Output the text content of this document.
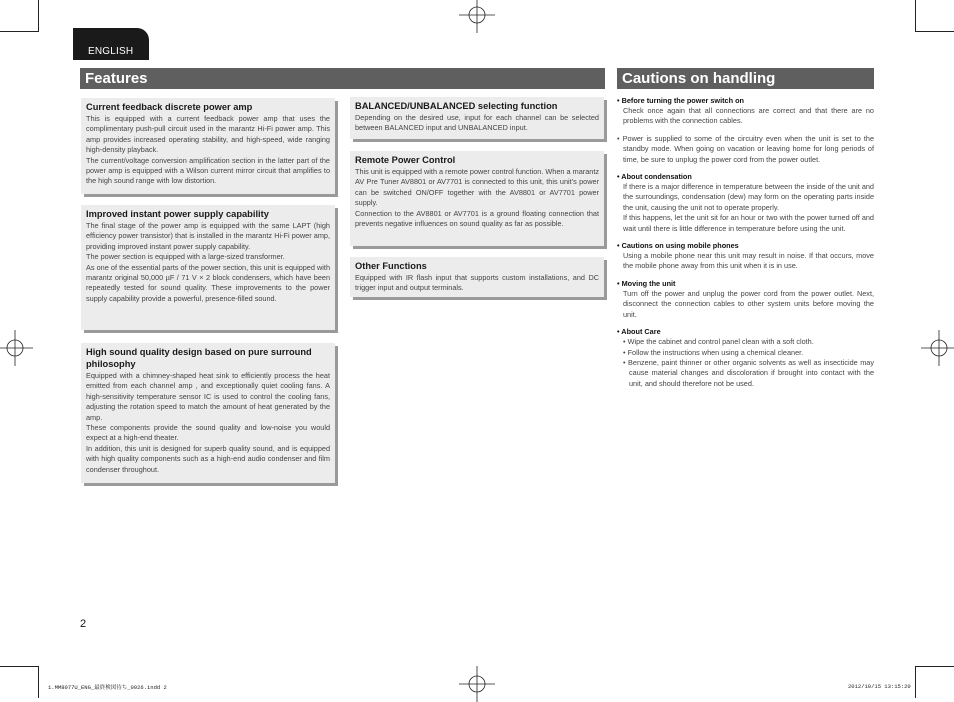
ENGLISH
Features	Cautions on handling
Current feedback discrete power amp

This is equipped with a current feedback power amp that uses the complimentary push-pull circuit used in the marantz Hi-Fi power amp. This amp provides increased operating stability, and high-speed, wide ranging high-density playback.

The current/voltage conversion amplification section in the latter part of the power amp is equipped with a Wilson current mirror circuit that amplifies to the high sound range with low distortion.

Improved instant power supply capability

The final stage of the power amp is equipped with the same LAPT (high efficiency power transistor) that is installed in the marantz Hi-Fi power amp, providing improved instant power supply capability.

The power section is equipped with a large-sized transformer.

As one of the essential parts of the power section, this unit is equipped with marantz original 50,000 µF / 71 V × 2 block condensers, which have been repeatedly tested for sound quality. These improvements to the power supply capability provide a powerful, presence-filled sound.

High sound quality design based on pure surround philosophy

Equipped with a chimney-shaped heat sink to efficiently process the heat emitted from each channel amp , and exceptionally quiet cooling fans. A high-sensitivity temperature sensor IC is used to control the cooling fans, adjusting the rotation speed to match the amount of heat generated by the amp.

These components provide the sound quality and low-noise you would expect at a high-end theater.

In addition, this unit is designed for superb quality sound, and is equipped with high quality components such as a high-end audio condenser and film condenser throughout.

BALANCED/UNBALANCED selecting function

Depending on the desired use, input for each channel can be selected between BALANCED input and UNBALANCED input.

Remote Power Control

This unit is equipped with a remote power control function. When a marantz AV Pre Tuner AV8801 or AV7701 is connected to this unit, this unit’s power can be switched ON/OFF together with the AV8801 or AV7701 power supply.

Connection to the AV8801 or AV7701 is a ground floating connection that prevents negative influences on sound quality as far as possible.

Other Functions

Equipped with IR flash input that supports custom installations, and DC trigger input and output terminals.

• Before turning the power switch on
Check once again that all connections are correct and that there are no problems with the connection cables.
• Power is supplied to some of the circuitry even when the unit is set to the standby mode. When going on vacation or leaving home for long periods of time, be sure to unplug the power cord from the power outlet.
• About condensation
If there is a major difference in temperature between the inside of the unit and the surroundings, condensation (dew) may form on the operating parts inside the unit, causing the unit not to operate properly.
If this happens, let the unit sit for an hour or two with the power turned off and wait until there is little difference in temperature before using the unit.
• Cautions on using mobile phones
Using a mobile phone near this unit may result in noise. If that occurs, move the mobile phone away from this unit when it is in use.
• Moving the unit
Turn off the power and unplug the power cord from the power outlet. Next, disconnect the connection cables to other system units before moving the unit.
• About Care
• Wipe the cabinet and control panel clean with a soft cloth.
• Follow the instructions when using a chemical cleaner.
• Benzene, paint thinner or other organic solvents as well as insecticide may cause material changes and discoloration if brought into contact with the unit, and should therefore not be used.
2
1.MM8077U_ENG_最終検図待ち_0926.indd 2	2012/10/15 13:15:20
